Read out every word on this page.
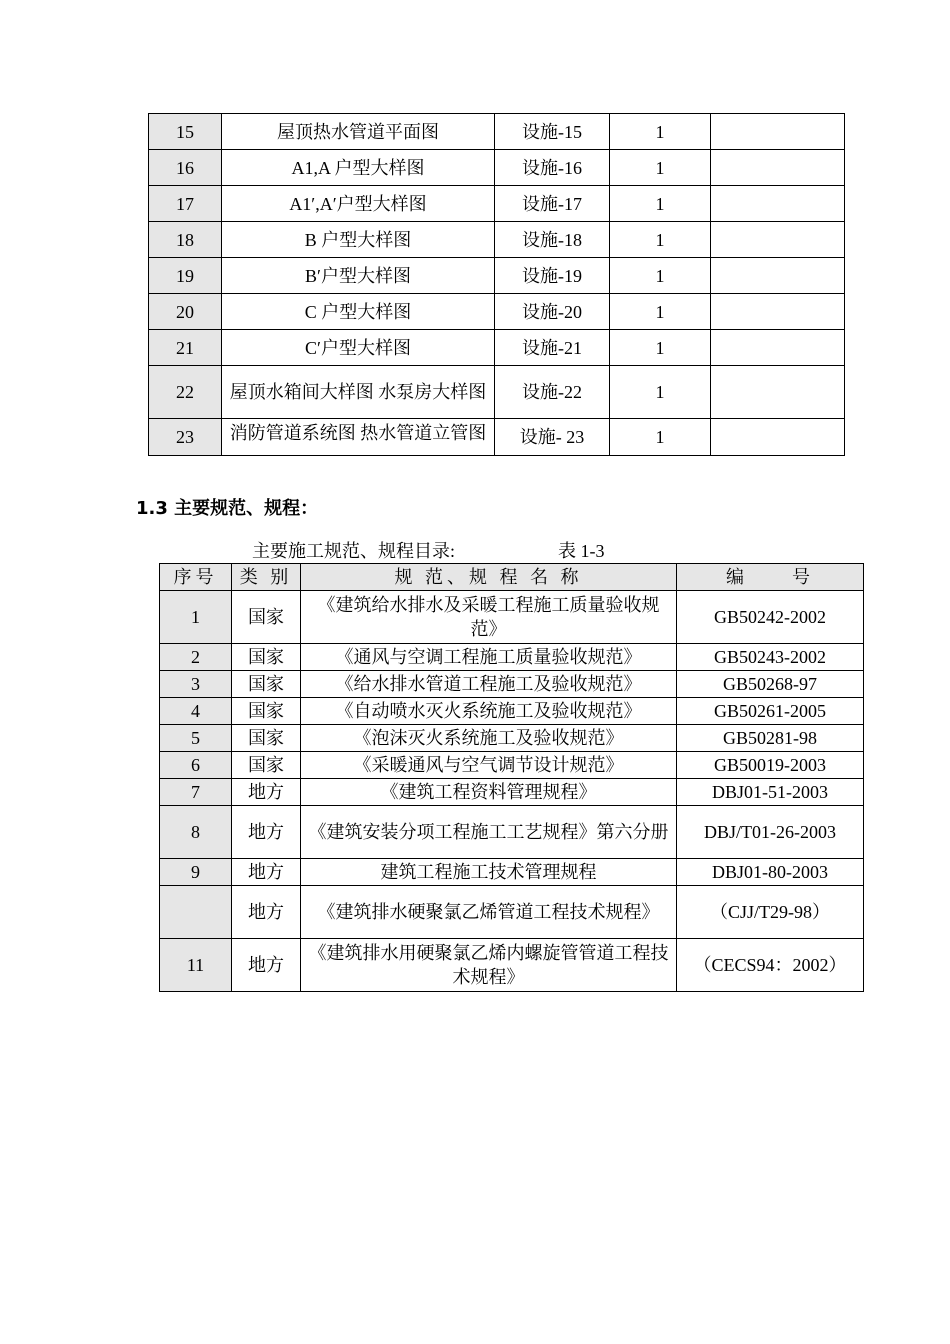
15	屋顶热水管道平面图	设施-15	1	
16	A1,A 户型大样图	设施-16	1	
17	A1′,A′户型大样图	设施-17	1	
18	B 户型大样图	设施-18	1	
19	B′户型大样图	设施-19	1	
20	C 户型大样图	设施-20	1	
21	C′户型大样图	设施-21	1	
22	屋顶水箱间大样图 水泵房大样图	设施-22	1	
23	消防管道系统图 热水管道立管图	设施- 23	1	
1.3 主要规范、规程：
主要施工规范、规程目录:	表 1-3
序号	类 别	规 范、规 程 名 称	编　　号
1	国家	《建筑给水排水及采暖工程施工质量验收规范》	GB50242-2002
2	国家	《通风与空调工程施工质量验收规范》	GB50243-2002
3	国家	《给水排水管道工程施工及验收规范》	GB50268-97
4	国家	《自动喷水灭火系统施工及验收规范》	GB50261-2005
5	国家	《泡沫灭火系统施工及验收规范》	GB50281-98
6	国家	《采暖通风与空气调节设计规范》	GB50019-2003
7	地方	《建筑工程资料管理规程》	DBJ01-51-2003
8	地方	《建筑安装分项工程施工工艺规程》第六分册	DBJ/T01-26-2003
9	地方	建筑工程施工技术管理规程	DBJ01-80-2003
	地方	《建筑排水硬聚氯乙烯管道工程技术规程》	（CJJ/T29-98）
11	地方	《建筑排水用硬聚氯乙烯内螺旋管管道工程技术规程》	（CECS94：2002）
